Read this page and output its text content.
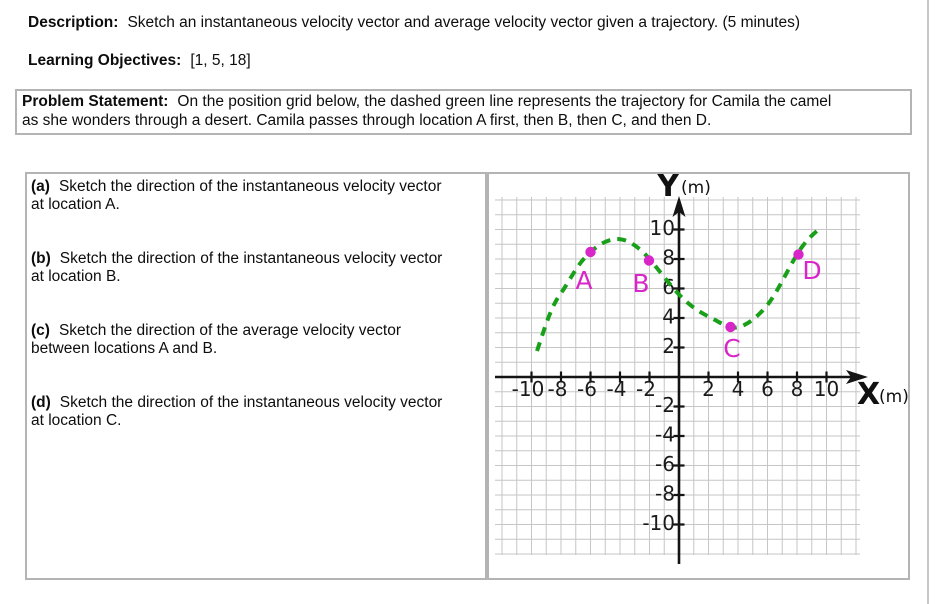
Description: Sketch an instantaneous velocity vector and average velocity vector given a trajectory. (5 minutes)
Learning Objectives: [1, 5, 18]
Problem Statement: On the position grid below, the dashed green line represents the trajectory for Camila the camel
as she wonders through a desert. Camila passes through location A first, then B, then C, and then D.
(a) Sketch the direction of the instantaneous velocity vector
at location A.
(b) Sketch the direction of the instantaneous velocity vector
at location B.
(c) Sketch the direction of the average velocity vector
between locations A and B.
(d) Sketch the direction of the instantaneous velocity vector
at location C.
-10 -8 -6 -4 -2 2 4 6 8 10
10
8
6
4
2
-2
-4
-6
-8
-10
Y (m)
X
(m)
A B
C
D
